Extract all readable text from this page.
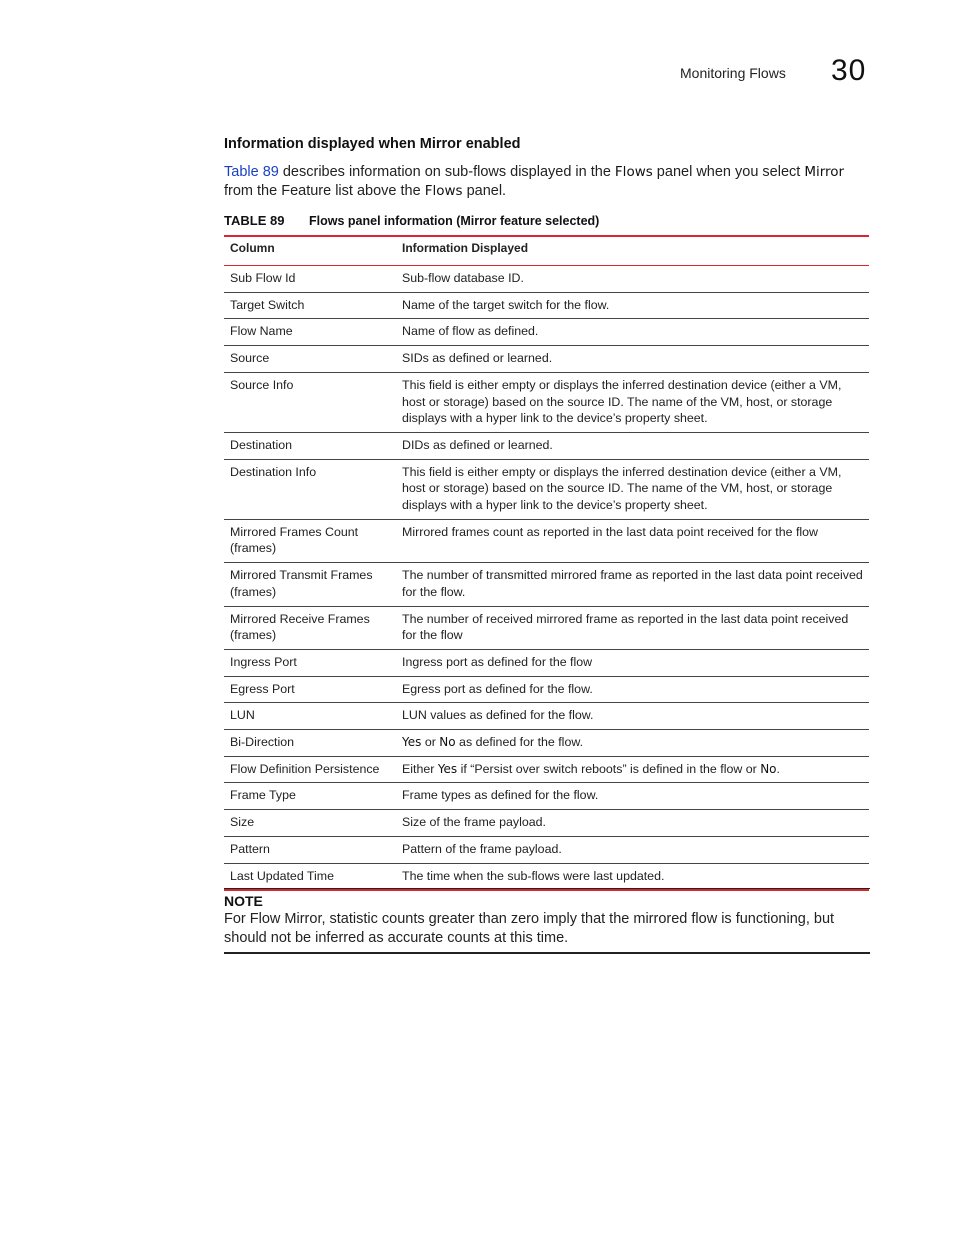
Monitoring Flows 30
Information displayed when Mirror enabled
Table 89 describes information on sub-flows displayed in the Flows panel when you select Mirror from the Feature list above the Flows panel.
TABLE 89 Flows panel information (Mirror feature selected)
Column	Information Displayed
Sub Flow Id	Sub-flow database ID.
Target Switch	Name of the target switch for the flow.
Flow Name	Name of flow as defined.
Source	SIDs as defined or learned.
Source Info	This field is either empty or displays the inferred destination device (either a VM, host or storage) based on the source ID. The name of the VM, host, or storage displays with a hyper link to the device’s property sheet.
Destination	DIDs as defined or learned.
Destination Info	This field is either empty or displays the inferred destination device (either a VM, host or storage) based on the source ID. The name of the VM, host, or storage displays with a hyper link to the device’s property sheet.
Mirrored Frames Count (frames)	Mirrored frames count as reported in the last data point received for the flow
Mirrored Transmit Frames (frames)	The number of transmitted mirrored frame as reported in the last data point received for the flow.
Mirrored Receive Frames (frames)	The number of received mirrored frame as reported in the last data point received for the flow
Ingress Port	Ingress port as defined for the flow
Egress Port	Egress port as defined for the flow.
LUN	LUN values as defined for the flow.
Bi-Direction	Yes or No as defined for the flow.
Flow Definition Persistence	Either Yes if “Persist over switch reboots” is defined in the flow or No.
Frame Type	Frame types as defined for the flow.
Size	Size of the frame payload.
Pattern	Pattern of the frame payload.
Last Updated Time	The time when the sub-flows were last updated.
NOTE
For Flow Mirror, statistic counts greater than zero imply that the mirrored flow is functioning, but should not be inferred as accurate counts at this time.
